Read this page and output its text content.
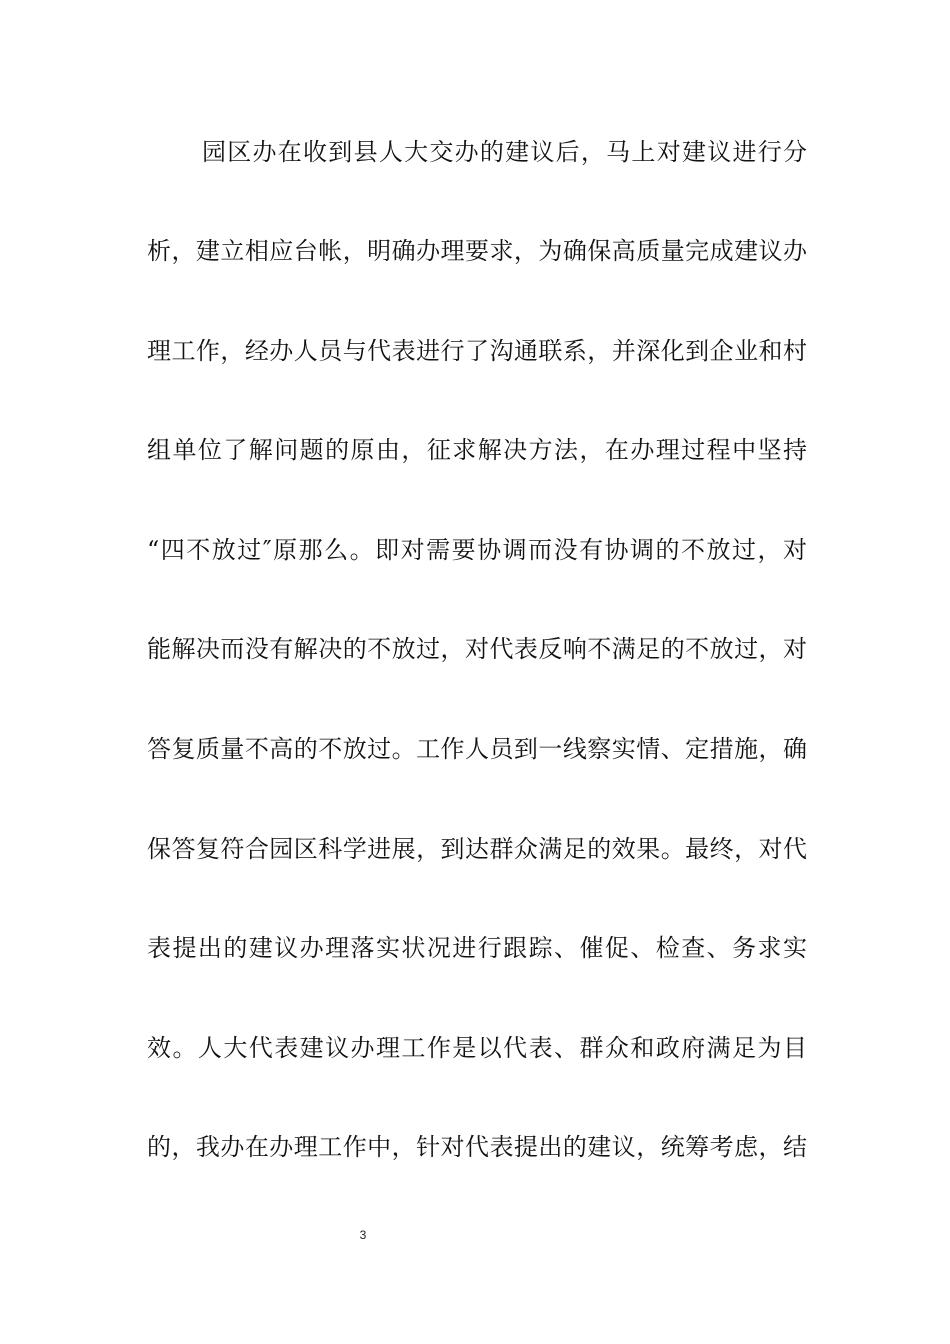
园区办在收到县人大交办的建议后，马上对建议进行分
析，建立相应台帐，明确办理要求，为确保高质量完成建议办
理工作，经办人员与代表进行了沟通联系，并深化到企业和村
组单位了解问题的原由，征求解决方法，在办理过程中坚持
“四不放过″原那么。即对需要协调而没有协调的不放过，对
能解决而没有解决的不放过，对代表反响不满足的不放过，对
答复质量不高的不放过。工作人员到一线察实情、定措施，确
保答复符合园区科学进展，到达群众满足的效果。最终，对代
表提出的建议办理落实状况进行跟踪、催促、检查、务求实
效。人大代表建议办理工作是以代表、群众和政府满足为目
的，我办在办理工作中，针对代表提出的建议，统筹考虑，结
3
